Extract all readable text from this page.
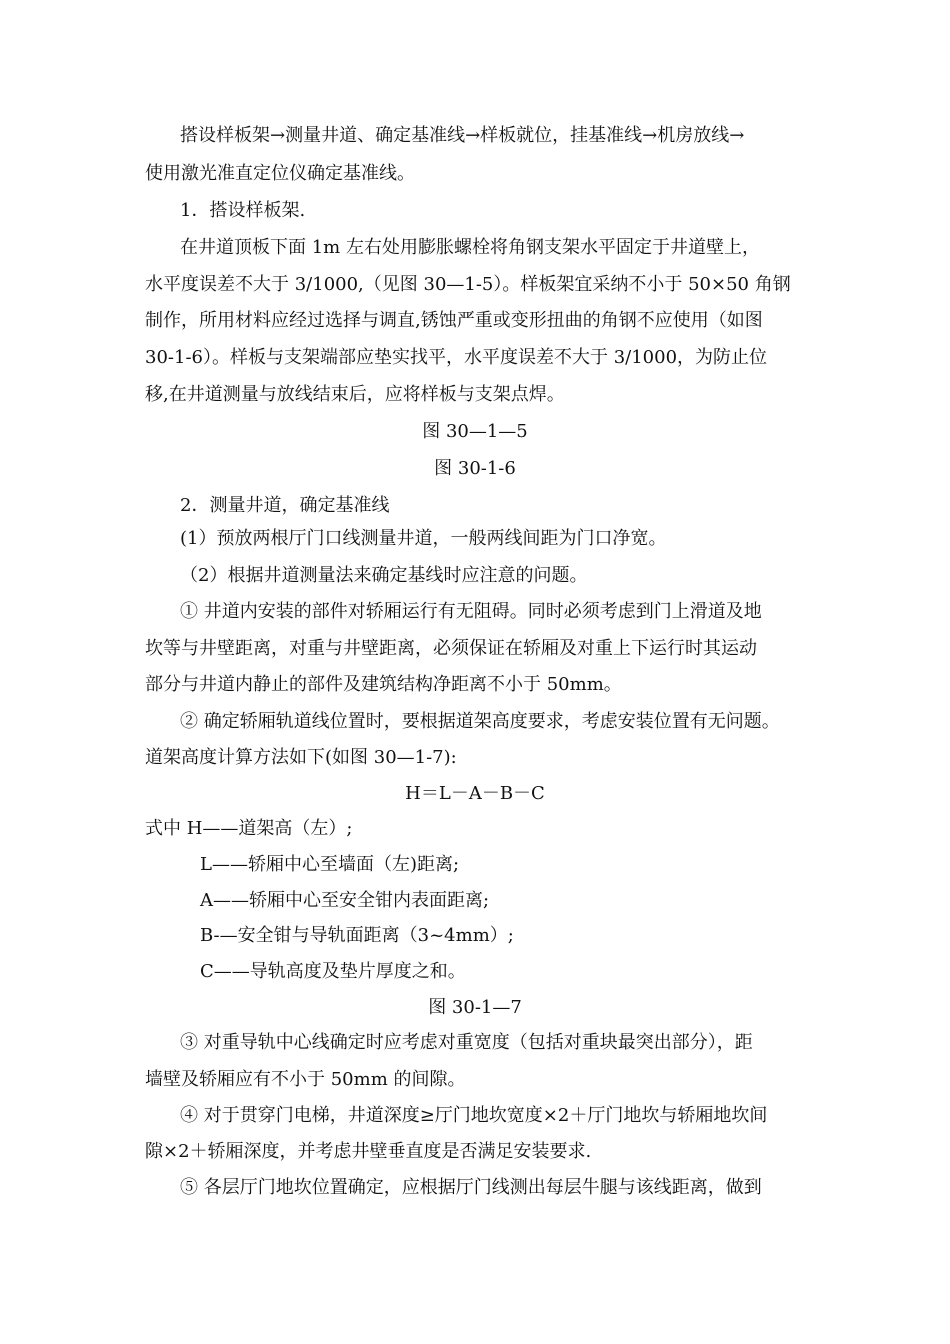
搭设样板架→测量井道、确定基准线→样板就位，挂基准线→机房放线→
使用激光准直定位仪确定基准线。
1．搭设样板架.
在井道顶板下面 1m 左右处用膨胀螺栓将角钢支架水平固定于井道壁上，
水平度误差不大于 3/1000,（见图 30—1-5）。样板架宜采纳不小于 50×50 角钢
制作，所用材料应经过选择与调直,锈蚀严重或变形扭曲的角钢不应使用（如图
30-1-6）。样板与支架端部应垫实找平，水平度误差不大于 3/1000，为防止位
移,在井道测量与放线结束后，应将样板与支架点焊。
图 30—1—5
图 30-1-6
2．测量井道，确定基准线
(1）预放两根厅门口线测量井道，一般两线间距为门口净宽。
（2）根据井道测量法来确定基线时应注意的问题。
① 井道内安装的部件对轿厢运行有无阻碍。同时必须考虑到门上滑道及地
坎等与井壁距离，对重与井壁距离，必须保证在轿厢及对重上下运行时其运动
部分与井道内静止的部件及建筑结构净距离不小于 50mm。
② 确定轿厢轨道线位置时，要根据道架高度要求，考虑安装位置有无问题。
道架高度计算方法如下(如图 30—1-7):
H＝L－A－B－C
式中 H——道架高（左）;
L——轿厢中心至墙面（左)距离;
A——轿厢中心至安全钳内表面距离;
B-—安全钳与导轨面距离（3~4mm）;
C——导轨高度及垫片厚度之和。
图 30-1—7
③ 对重导轨中心线确定时应考虑对重宽度（包括对重块最突出部分），距
墙壁及轿厢应有不小于 50mm 的间隙。
④ 对于贯穿门电梯，井道深度≥厅门地坎宽度×2＋厅门地坎与轿厢地坎间
隙×2＋轿厢深度，并考虑井壁垂直度是否满足安装要求.
⑤ 各层厅门地坎位置确定，应根据厅门线测出每层牛腿与该线距离，做到
